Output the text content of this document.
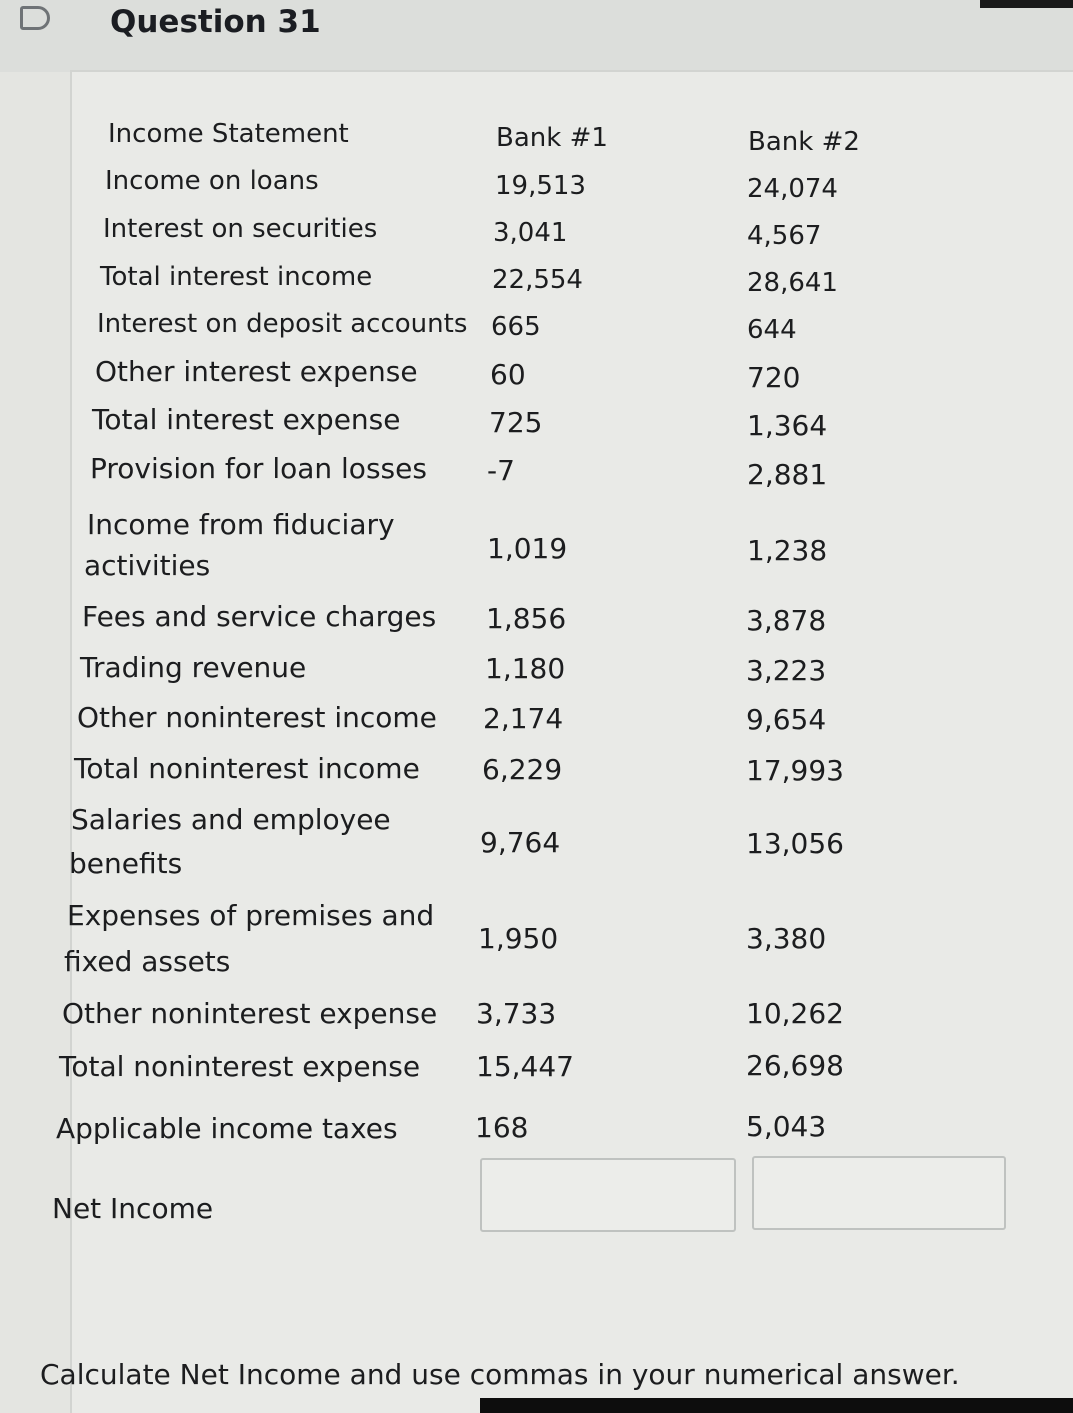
Question 31
Income Statement	Bank #1	Bank #2
Income on loans	19,513	24,074
Interest on securities	3,041	4,567
Total interest income	22,554	28,641
Interest on deposit accounts 665	644
Other interest expense	60	720
Total interest expense	725	1,364
Provision for loan losses -7	2,881
Income from fiduciary
activities
1,019	1,238
Fees and service charges 1,856	3,878
Trading revenue	1,180	3,223
Other noninterest income 2,174	9,654
Total noninterest income 6,229	17,993
Salaries and employee
benefits
9,764	13,056
Expenses of premises and
fixed assets
1,950	3,380
Other noninterest expense 3,733	10,262
Total noninterest expense 15,447	26,698
Applicable income taxes	168	5,043
Net Income
Calculate Net Income and use commas in your numerical answer.
